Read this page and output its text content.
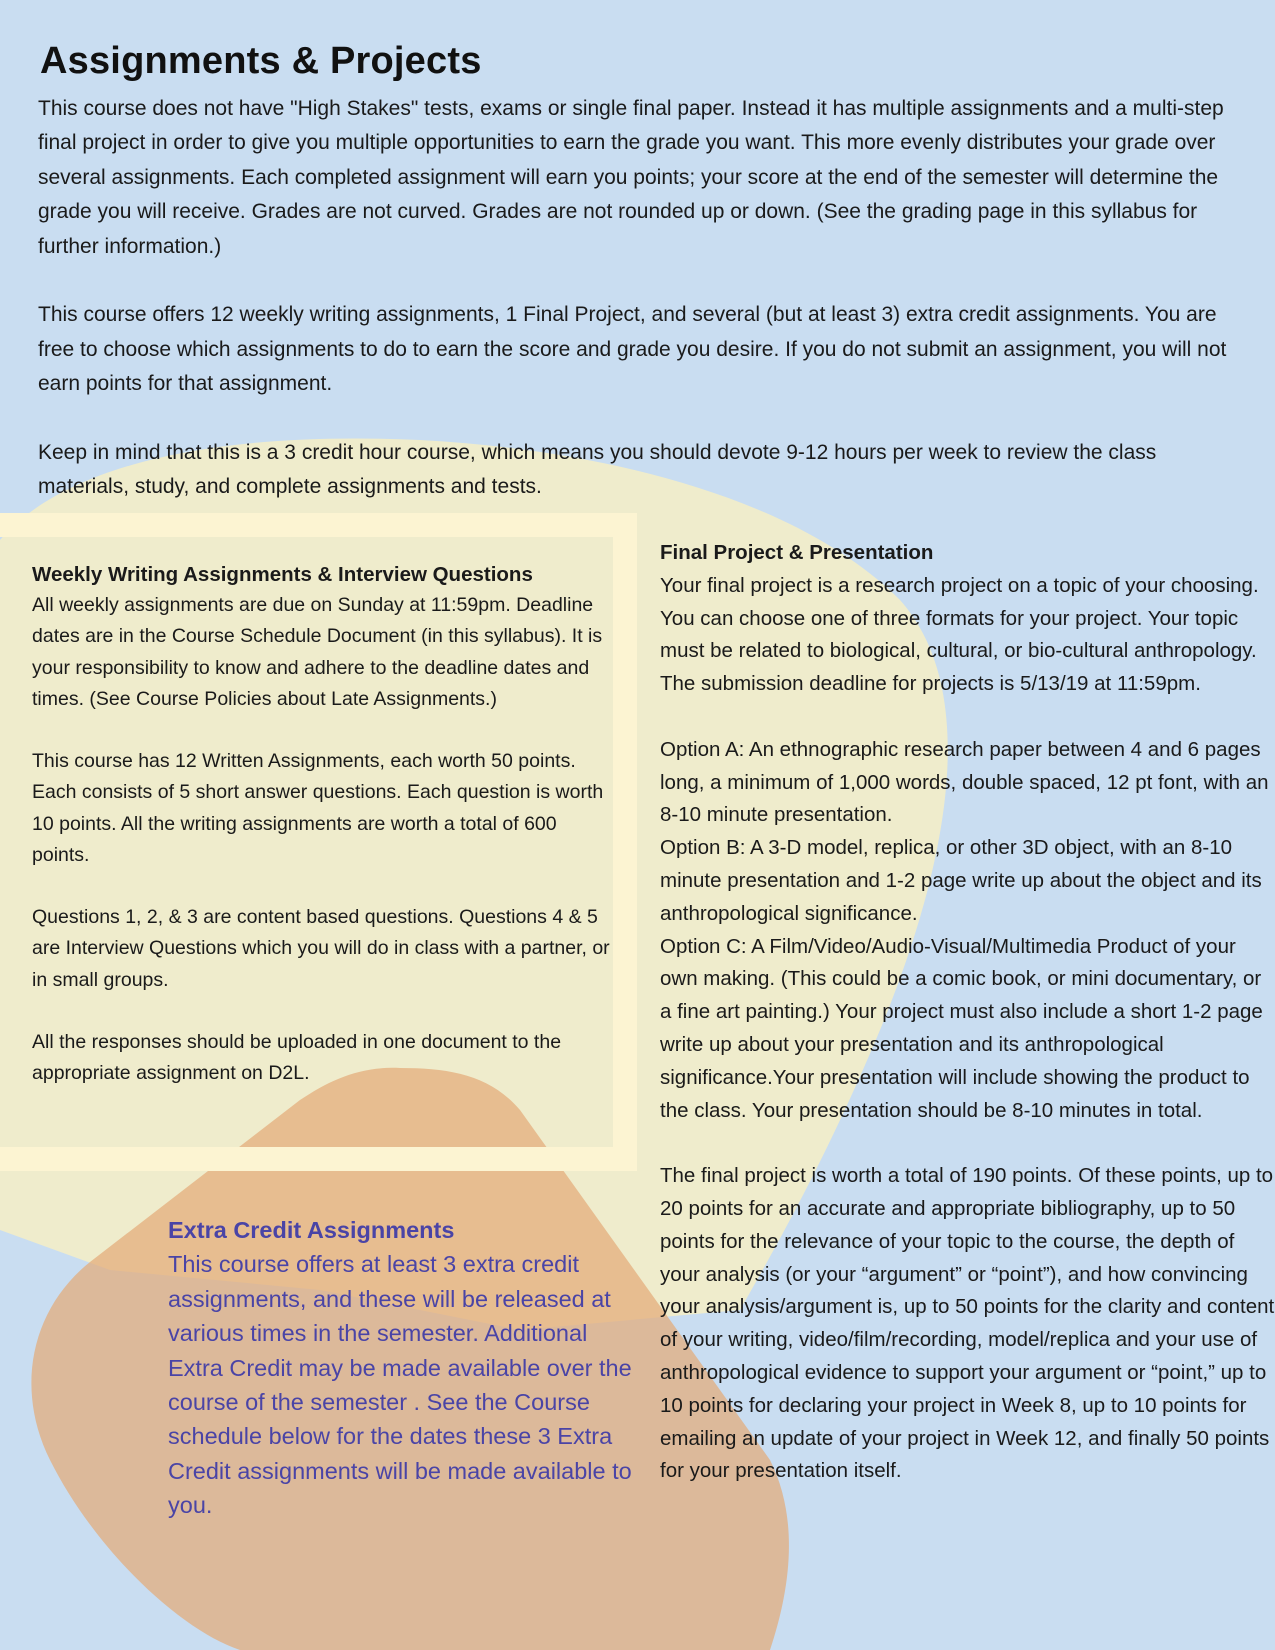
Assignments & Projects

This course does not have "High Stakes" tests, exams or single final paper. Instead it has multiple assignments and a multi-step final project in order to give you multiple opportunities to earn the grade you want. This more evenly distributes your grade over several assignments. Each completed assignment will earn you points; your score at the end of the semester will determine the grade you will receive. Grades are not curved. Grades are not rounded up or down. (See the grading page in this syllabus for further information.)

This course offers 12 weekly writing assignments, 1 Final Project, and several (but at least 3) extra credit assignments. You are free to choose which assignments to do to earn the score and grade you desire. If you do not submit an assignment, you will not earn points for that assignment.

Keep in mind that this is a 3 credit hour course, which means you should devote 9-12 hours per week to review the class materials, study, and complete assignments and tests.

Weekly Writing Assignments & Interview Questions

All weekly assignments are due on Sunday at 11:59pm. Deadline dates are in the Course Schedule Document (in this syllabus). It is your responsibility to know and adhere to the deadline dates and times. (See Course Policies about Late Assignments.)

This course has 12 Written Assignments, each worth 50 points. Each consists of 5 short answer questions. Each question is worth 10 points. All the writing assignments are worth a total of 600 points.

Questions 1, 2, & 3 are content based questions. Questions 4 & 5 are Interview Questions which you will do in class with a partner, or in small groups.

All the responses should be uploaded in one document to the appropriate assignment on D2L.

Final Project & Presentation

Your final project is a research project on a topic of your choosing. You can choose one of three formats for your project. Your topic must be related to biological, cultural, or bio-cultural anthropology. The submission deadline for projects is 5/13/19 at 11:59pm.

Option A: An ethnographic research paper between 4 and 6 pages long, a minimum of 1,000 words, double spaced, 12 pt font, with an 8-10 minute presentation.

Option B: A 3-D model, replica, or other 3D object, with an 8-10 minute presentation and 1-2 page write up about the object and its anthropological significance.

Option C: A Film/Video/Audio-Visual/Multimedia Product of your own making. (This could be a comic book, or mini documentary, or a fine art painting.) Your project must also include a short 1-2 page write up about your presentation and its anthropological significance.Your presentation will include showing the product to the class. Your presentation should be 8-10 minutes in total.

The final project is worth a total of 190 points. Of these points, up to 20 points for an accurate and appropriate bibliography, up to 50 points for the relevance of your topic to the course, the depth of your analysis (or your “argument” or “point”), and how convincing your analysis/argument is, up to 50 points for the clarity and content of your writing, video/film/recording, model/replica and your use of anthropological evidence to support your argument or “point,” up to 10 points for declaring your project in Week 8, up to 10 points for emailing an update of your project in Week 12, and finally 50 points for your presentation itself.

Extra Credit Assignments

This course offers at least 3 extra credit assignments, and these will be released at various times in the semester. Additional Extra Credit may be made available over the course of the semester . See the Course schedule below for the dates these 3 Extra Credit assignments will be made available to you.
